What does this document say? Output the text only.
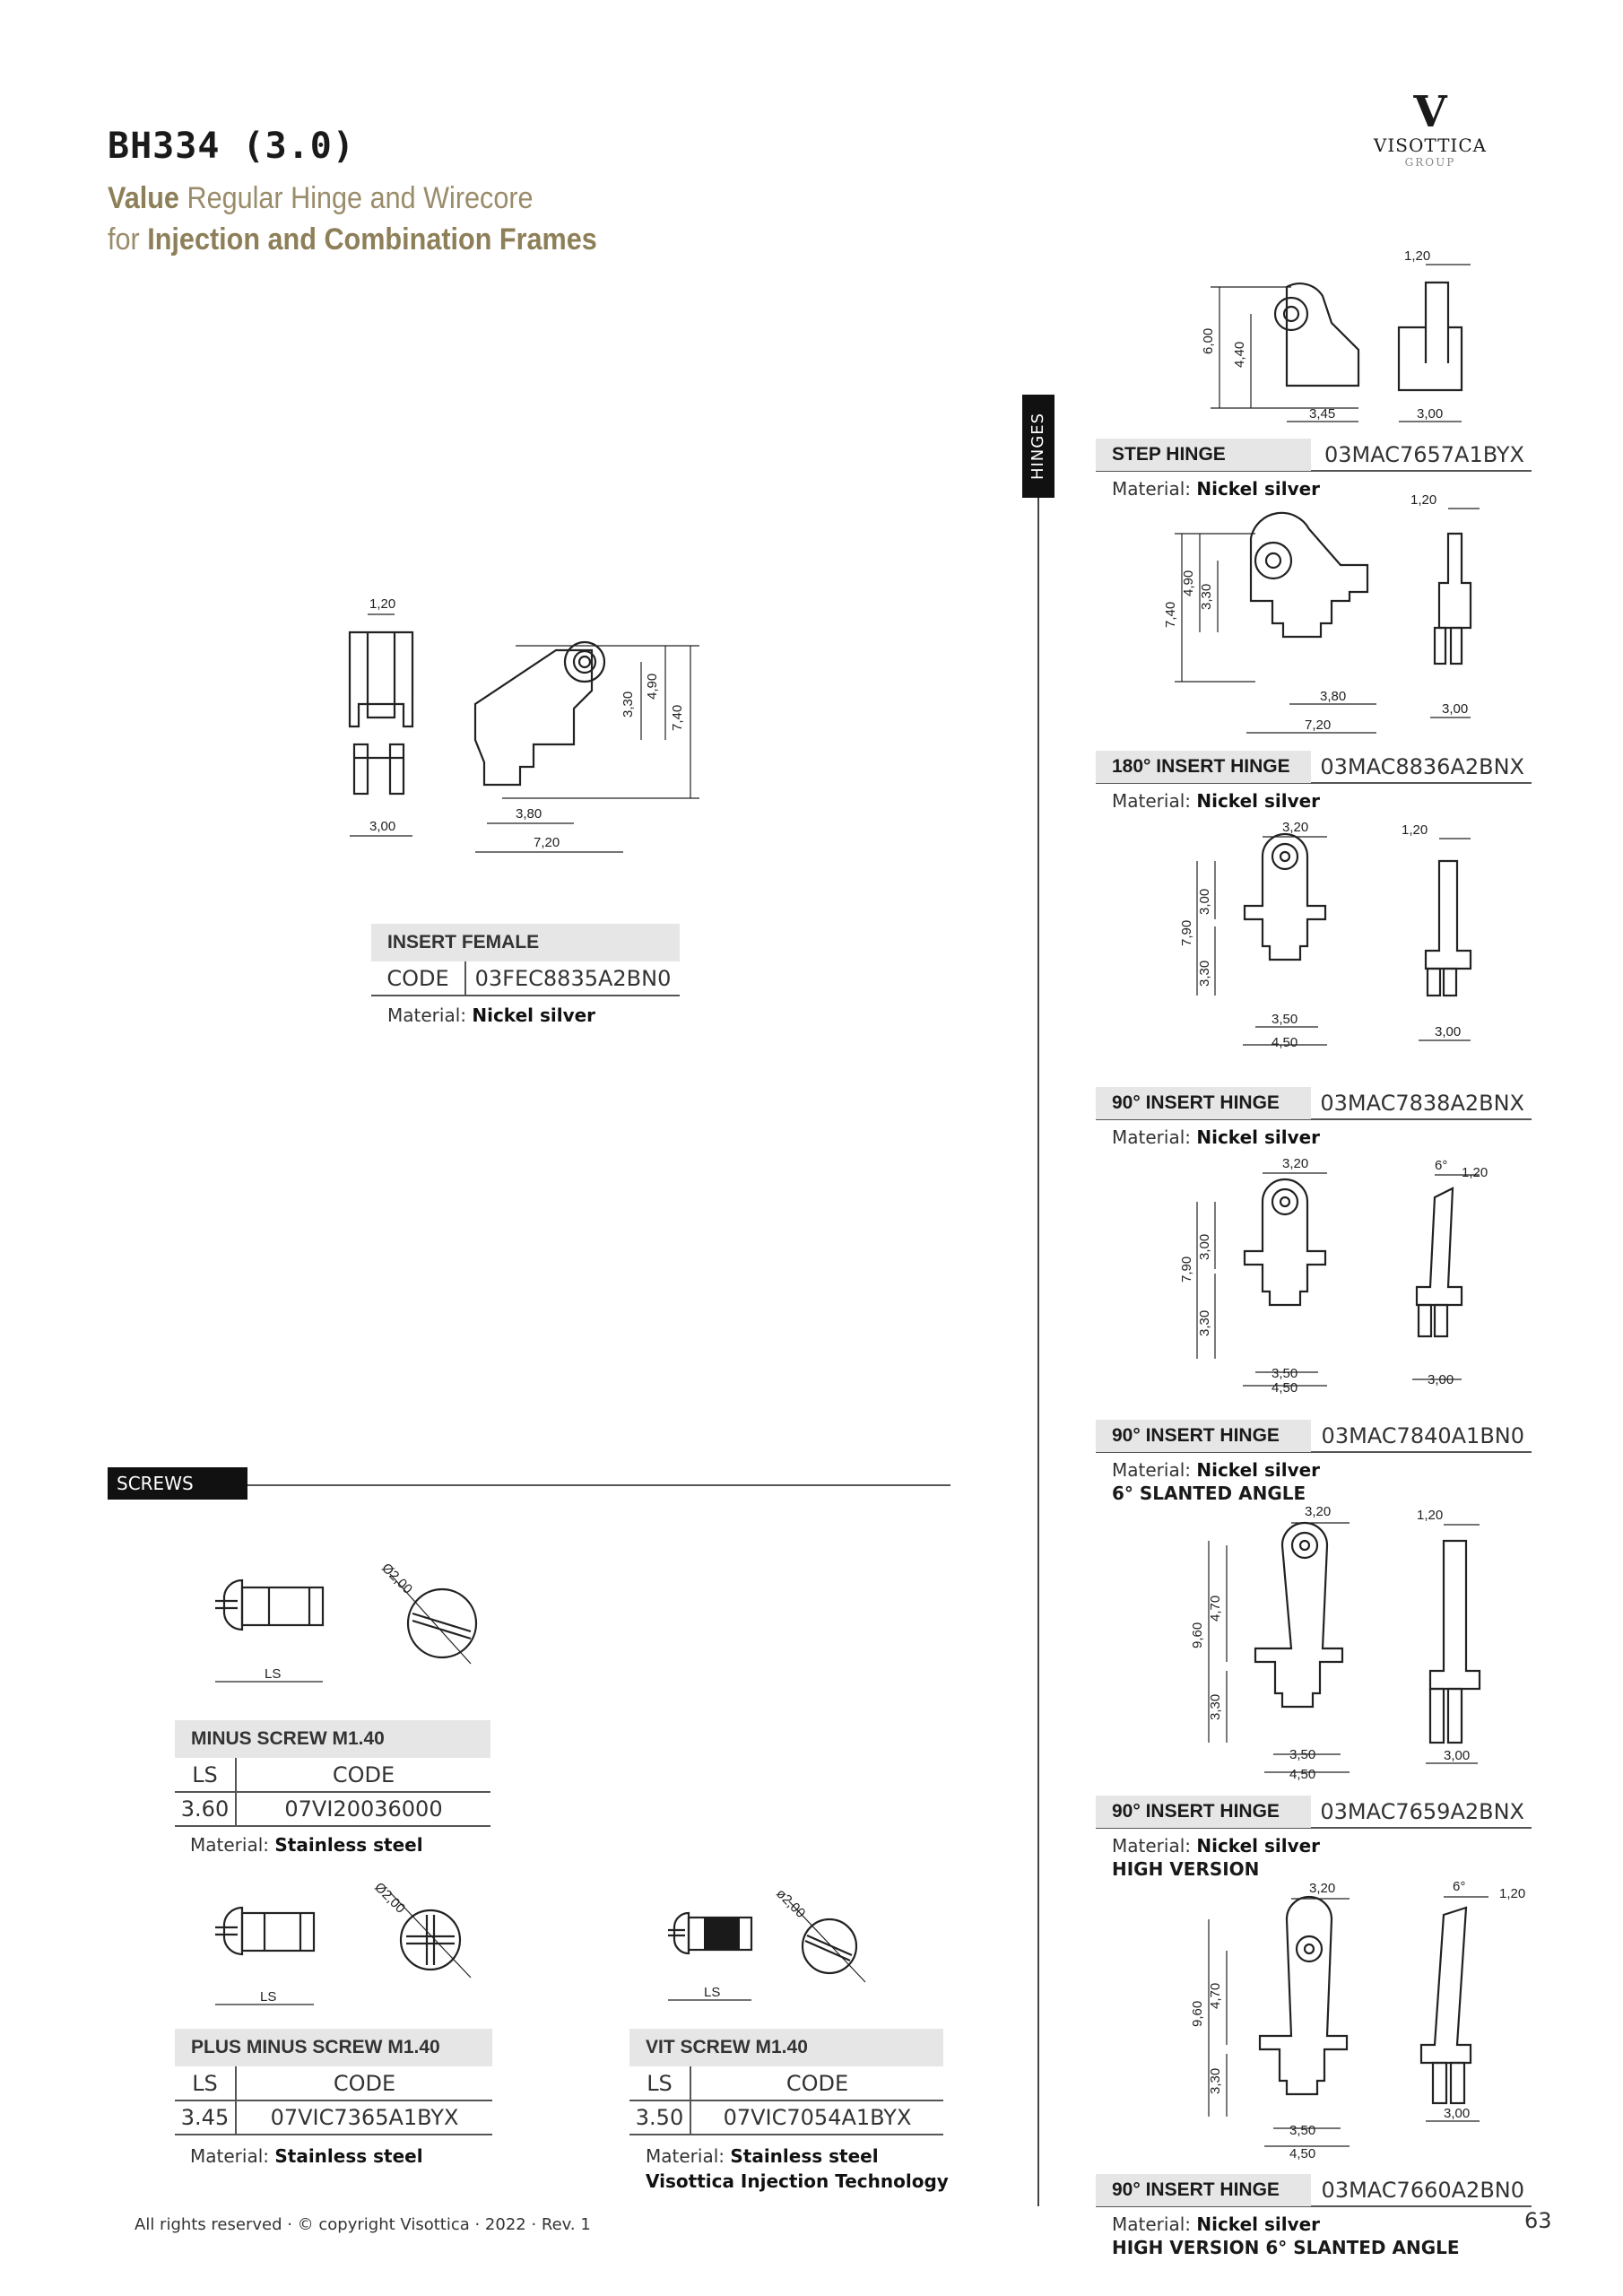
BH334 (3.0)
Value Regular Hinge and Wirecore
for Injection and Combination Frames
V
VISOTTICA
GROUP
HINGES
1,20
3,00
3,30
4,90
7,40
3,80
7,20
INSERT FEMALE
CODE	03FEC8835A2BN0
Material: Nickel silver
6,00
4,40
3,45
1,20
3,00
7,40
4,90
3,30
3,80
7,20
1,20
3,00
3,20
7,90
3,00
3,30
3,50
4,50
1,20
3,00
3,20
7,90
3,00
3,30
3,50
4,50
6° 1,20
3,00
3,20
9,60
4,70
3,30
3,50
4,50
1,20
3,00
3,20
9,60
4,70
3,30
3,50
4,50
6°	1,20
3,00
STEP HINGE	03MAC7657A1BYX
Material: Nickel silver
180° INSERT HINGE	03MAC8836A2BNX
Material: Nickel silver
90° INSERT HINGE	03MAC7838A2BNX
Material: Nickel silver
90° INSERT HINGE	03MAC7840A1BN0
Material: Nickel silver
6° SLANTED ANGLE
90° INSERT HINGE	03MAC7659A2BNX
Material: Nickel silver
HIGH VERSION
90° INSERT HINGE	03MAC7660A2BN0
Material: Nickel silver
HIGH VERSION 6° SLANTED ANGLE
SCREWS
LS
Ø2,00
MINUS SCREW M1.40	
LS	CODE
3.60	07VI20036000
Material: Stainless steel
LS
Ø2,00
PLUS MINUS SCREW M1.40	
LS	CODE
3.45	07VIC7365A1BYX
Material: Stainless steel
LS
ø2,00
VIT SCREW M1.40	
LS	CODE
3.50	07VIC7054A1BYX
Material: Stainless steel
Visottica Injection Technology
All rights reserved · © copyright Visottica · 2022 · Rev. 1	63
